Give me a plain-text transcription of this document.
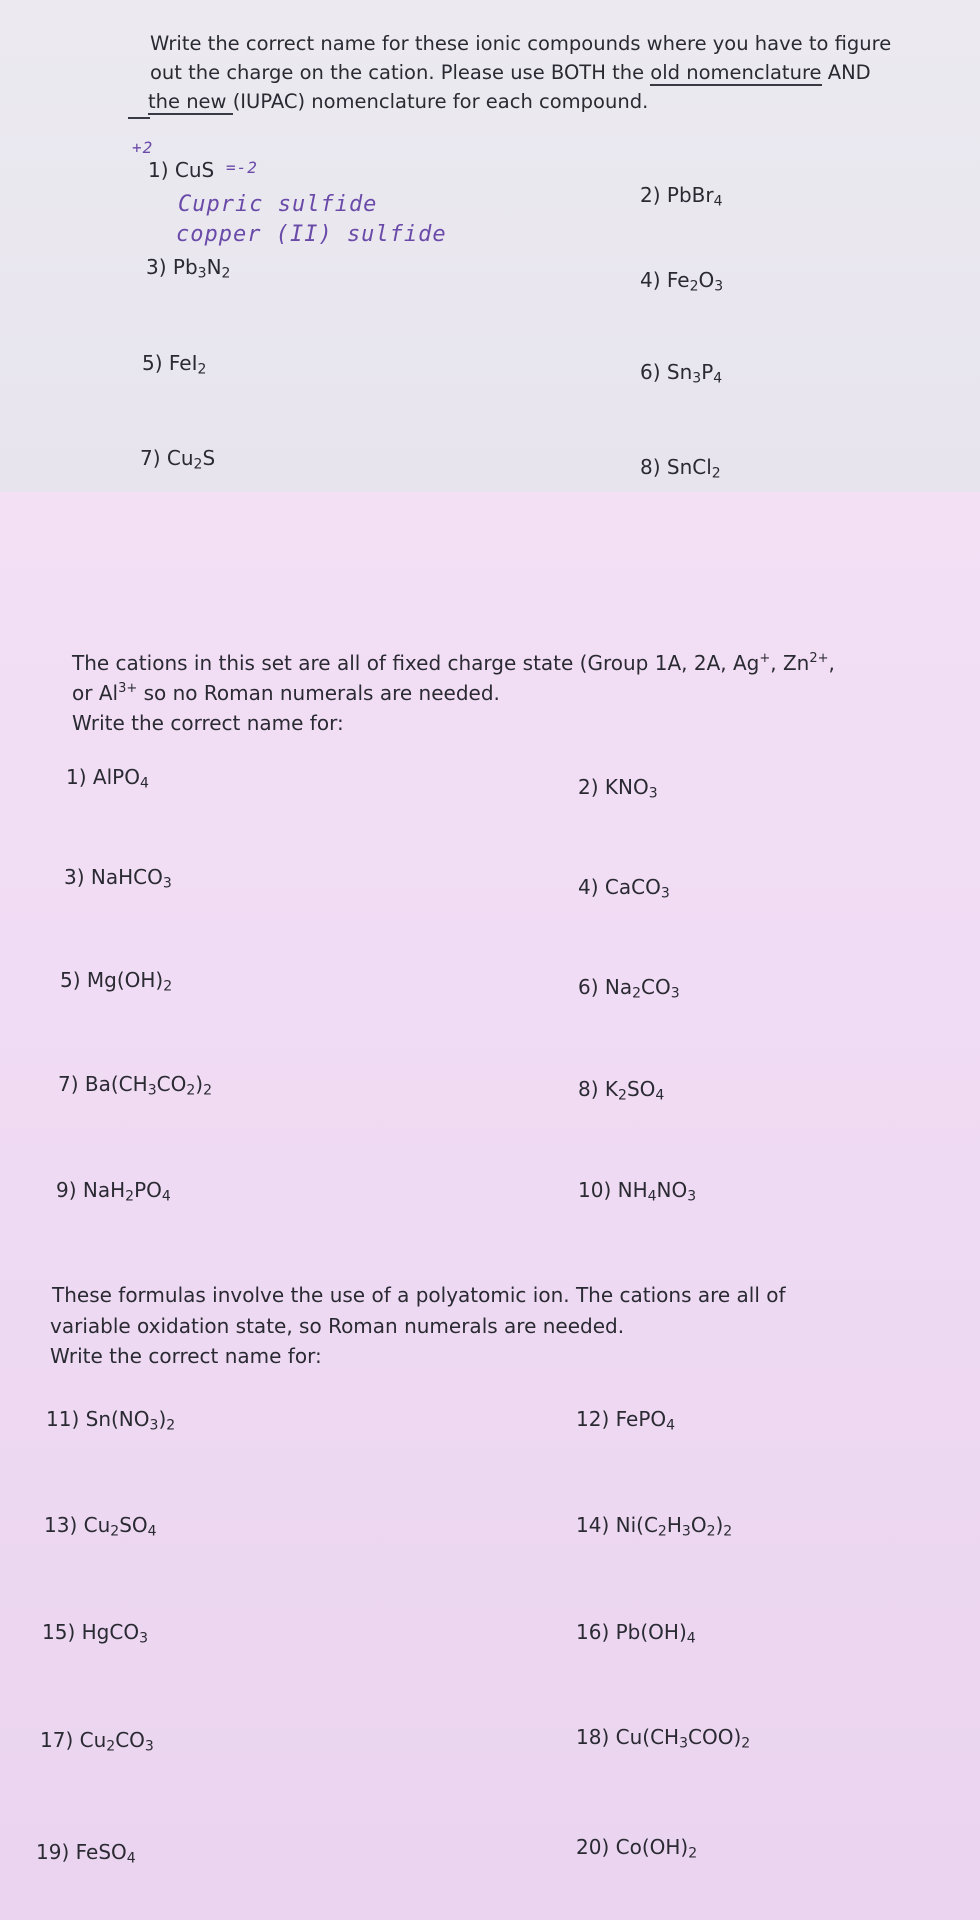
Write the correct name for these ionic compounds where you have to figure
out the charge on the cation. Please use BOTH the old nomenclature AND
the new (IUPAC) nomenclature for each compound.
1) CuS
2) PbBr$_4$
3) $Pb_3N_2$	4) $Fe_2O_3$
5) FeI$_2$	6) $Sn_3P_4$
7) $Cu_2S$	8) SnCl$_2$
+2
=-2
Cupric sulfide
copper (II) sulfide
The cations in this set are all of fixed charge state (Group 1A, 2A, Ag+, $Zn^{2+}$,
or $Al^{3+}$ so no Roman numerals are needed.
Write the correct name for:
1) AlPO$_4$	2) $KNO_3$
3) NaHCO$_3$	4) CaCO$_3$
5) $Mg(OH)_2$	6) $Na_2CO_3$
7) $Ba(CH_3CO_2)_2$	8) $K_2SO_4$
9) $NaH_2PO_4$	10) $NH_4NO_3$
These formulas involve the use of a polyatomic ion. The cations are all of
variable oxidation state, so Roman numerals are needed.
Write the correct name for:
11) $Sn(NO_3)_2$	12) FePO$_4$
13) $Cu_2SO_4$	14) $Ni(C_2H_3O_2)_2$
15) HgCO$_3$	16) $Pb(OH)_4$
17) $Cu_2CO_3$	18) $Cu(CH_3COO)_2$
19) FeSO$_4$	20) $Co(OH)_2$
